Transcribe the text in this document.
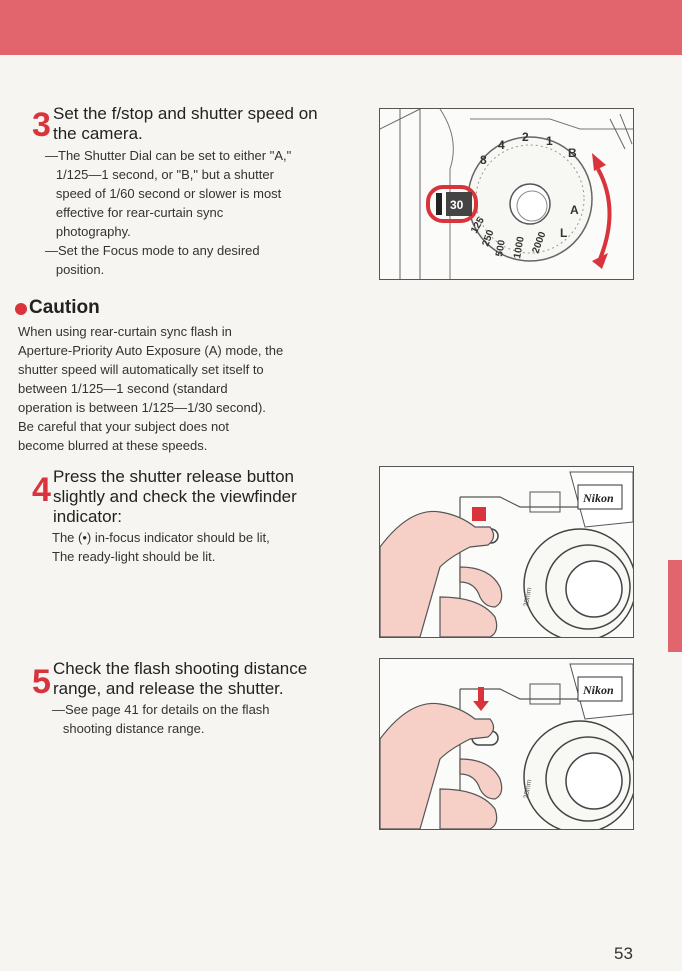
3 Set the f/stop and shutter speed on
the camera.
—The Shutter Dial can be set to either "A,"
1/125—1 second, or "B," but a shutter
speed of 1/60 second or slower is most
effective for rear-curtain sync
photography.
—Set the Focus mode to any desired
position.
8
4
2 1
B
A
L
2000
1000
500
250
125
30
Caution
When using rear-curtain sync flash in
Aperture-Priority Auto Exposure (A) mode, the
shutter speed will automatically set itself to
between 1/125—1 second (standard
operation is between 1/125—1/30 second).
Be careful that your subject does not
become blurred at these speeds.
4 Press the shutter release button
slightly and check the viewfinder
indicator:
The (•) in-focus indicator should be lit,
The ready-light should be lit.
Nikon
28mm
5 Check the flash shooting distance
range, and release the shutter.
—See page 41 for details on the flash
shooting distance range.
Nikon
28mm
53
